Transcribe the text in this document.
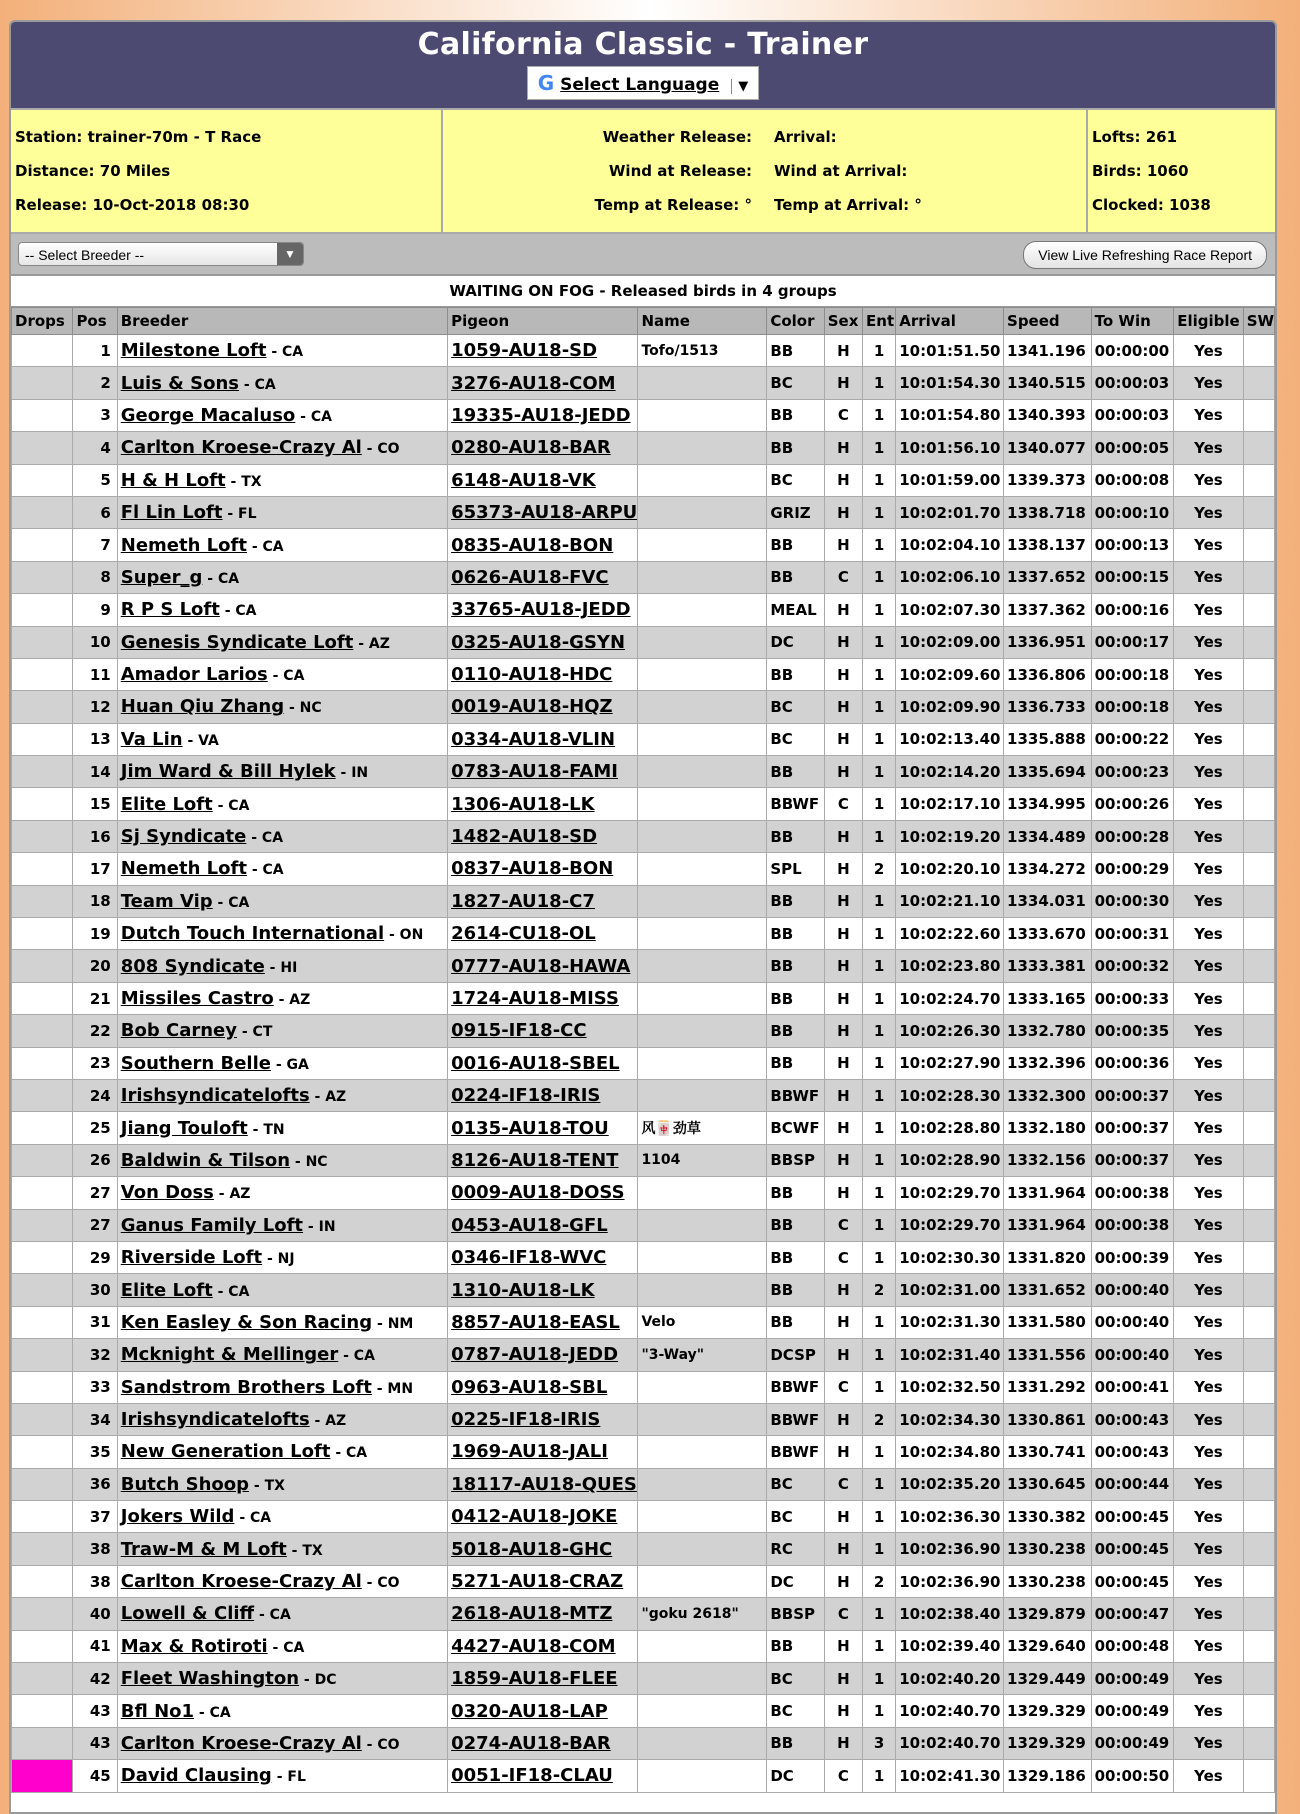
California Classic - Trainer
G Select Language ▼
Station: trainer-70m - T Race
Distance: 70 Miles
Release: 10-Oct-2018 08:30
Weather Release:	Arrival:
Wind at Release:	Wind at Arrival:
Temp at Release: °	Temp at Arrival: °
Lofts: 261
Birds: 1060
Clocked: 1038
-- Select Breeder --	▼	View Live Refreshing Race Report
WAITING ON FOG - Released birds in 4 groups
Drops	Pos	Breeder	Pigeon	Name	Color	Sex	Ent	Arrival	Speed	To Win	Eligible	SW
	1	Milestone Loft - CA	1059-AU18-SD	Tofo/1513	BB	H	1	10:01:51.50	1341.196	00:00:00	Yes	
	2	Luis & Sons - CA	3276-AU18-COM		BC	H	1	10:01:54.30	1340.515	00:00:03	Yes	
	3	George Macaluso - CA	19335-AU18-JEDD		BB	C	1	10:01:54.80	1340.393	00:00:03	Yes	
	4	Carlton Kroese-Crazy Al - CO	0280-AU18-BAR		BB	H	1	10:01:56.10	1340.077	00:00:05	Yes	
	5	H & H Loft - TX	6148-AU18-VK		BC	H	1	10:01:59.00	1339.373	00:00:08	Yes	
	6	Fl Lin Loft - FL	65373-AU18-ARPU		GRIZ	H	1	10:02:01.70	1338.718	00:00:10	Yes	
	7	Nemeth Loft - CA	0835-AU18-BON		BB	H	1	10:02:04.10	1338.137	00:00:13	Yes	
	8	Super_g - CA	0626-AU18-FVC		BB	C	1	10:02:06.10	1337.652	00:00:15	Yes	
	9	R P S Loft - CA	33765-AU18-JEDD		MEAL	H	1	10:02:07.30	1337.362	00:00:16	Yes	
	10	Genesis Syndicate Loft - AZ	0325-AU18-GSYN		DC	H	1	10:02:09.00	1336.951	00:00:17	Yes	
	11	Amador Larios - CA	0110-AU18-HDC		BB	H	1	10:02:09.60	1336.806	00:00:18	Yes	
	12	Huan Qiu Zhang - NC	0019-AU18-HQZ		BC	H	1	10:02:09.90	1336.733	00:00:18	Yes	
	13	Va Lin - VA	0334-AU18-VLIN		BC	H	1	10:02:13.40	1335.888	00:00:22	Yes	
	14	Jim Ward & Bill Hylek - IN	0783-AU18-FAMI		BB	H	1	10:02:14.20	1335.694	00:00:23	Yes	
	15	Elite Loft - CA	1306-AU18-LK		BBWF	C	1	10:02:17.10	1334.995	00:00:26	Yes	
	16	Sj Syndicate - CA	1482-AU18-SD		BB	H	1	10:02:19.20	1334.489	00:00:28	Yes	
	17	Nemeth Loft - CA	0837-AU18-BON		SPL	H	2	10:02:20.10	1334.272	00:00:29	Yes	
	18	Team Vip - CA	1827-AU18-C7		BB	H	1	10:02:21.10	1334.031	00:00:30	Yes	
	19	Dutch Touch International - ON	2614-CU18-OL		BB	H	1	10:02:22.60	1333.670	00:00:31	Yes	
	20	808 Syndicate - HI	0777-AU18-HAWA		BB	H	1	10:02:23.80	1333.381	00:00:32	Yes	
	21	Missiles Castro - AZ	1724-AU18-MISS		BB	H	1	10:02:24.70	1333.165	00:00:33	Yes	
	22	Bob Carney - CT	0915-IF18-CC		BB	H	1	10:02:26.30	1332.780	00:00:35	Yes	
	23	Southern Belle - GA	0016-AU18-SBEL		BB	H	1	10:02:27.90	1332.396	00:00:36	Yes	
	24	Irishsyndicatelofts - AZ	0224-IF18-IRIS		BBWF	H	1	10:02:28.30	1332.300	00:00:37	Yes	
	25	Jiang Touloft - TN	0135-AU18-TOU	风🀄劲草	BCWF	H	1	10:02:28.80	1332.180	00:00:37	Yes	
	26	Baldwin & Tilson - NC	8126-AU18-TENT	1104	BBSP	H	1	10:02:28.90	1332.156	00:00:37	Yes	
	27	Von Doss - AZ	0009-AU18-DOSS		BB	H	1	10:02:29.70	1331.964	00:00:38	Yes	
	27	Ganus Family Loft - IN	0453-AU18-GFL		BB	C	1	10:02:29.70	1331.964	00:00:38	Yes	
	29	Riverside Loft - NJ	0346-IF18-WVC		BB	C	1	10:02:30.30	1331.820	00:00:39	Yes	
	30	Elite Loft - CA	1310-AU18-LK		BB	H	2	10:02:31.00	1331.652	00:00:40	Yes	
	31	Ken Easley & Son Racing - NM	8857-AU18-EASL	Velo	BB	H	1	10:02:31.30	1331.580	00:00:40	Yes	
	32	Mcknight & Mellinger - CA	0787-AU18-JEDD	"3-Way"	DCSP	H	1	10:02:31.40	1331.556	00:00:40	Yes	
	33	Sandstrom Brothers Loft - MN	0963-AU18-SBL		BBWF	C	1	10:02:32.50	1331.292	00:00:41	Yes	
	34	Irishsyndicatelofts - AZ	0225-IF18-IRIS		BBWF	H	2	10:02:34.30	1330.861	00:00:43	Yes	
	35	New Generation Loft - CA	1969-AU18-JALI		BBWF	H	1	10:02:34.80	1330.741	00:00:43	Yes	
	36	Butch Shoop - TX	18117-AU18-QUES		BC	C	1	10:02:35.20	1330.645	00:00:44	Yes	
	37	Jokers Wild - CA	0412-AU18-JOKE		BC	H	1	10:02:36.30	1330.382	00:00:45	Yes	
	38	Traw-M & M Loft - TX	5018-AU18-GHC		RC	H	1	10:02:36.90	1330.238	00:00:45	Yes	
	38	Carlton Kroese-Crazy Al - CO	5271-AU18-CRAZ		DC	H	2	10:02:36.90	1330.238	00:00:45	Yes	
	40	Lowell & Cliff - CA	2618-AU18-MTZ	"goku 2618"	BBSP	C	1	10:02:38.40	1329.879	00:00:47	Yes	
	41	Max & Rotiroti - CA	4427-AU18-COM		BB	H	1	10:02:39.40	1329.640	00:00:48	Yes	
	42	Fleet Washington - DC	1859-AU18-FLEE		BC	H	1	10:02:40.20	1329.449	00:00:49	Yes	
	43	Bfl No1 - CA	0320-AU18-LAP		BC	H	1	10:02:40.70	1329.329	00:00:49	Yes	
	43	Carlton Kroese-Crazy Al - CO	0274-AU18-BAR		BB	H	3	10:02:40.70	1329.329	00:00:49	Yes	

	45	David Clausing - FL	0051-IF18-CLAU		DC	C	1	10:02:41.30	1329.186	00:00:50	Yes	
